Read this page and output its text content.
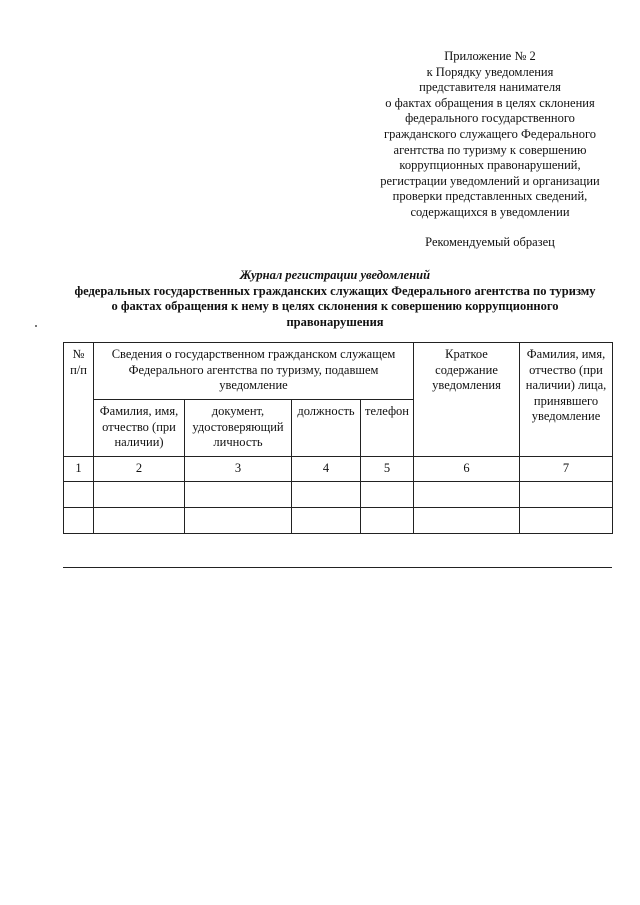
Приложение № 2
к Порядку уведомления
представителя нанимателя
о фактах обращения в целях склонения
федерального государственного
гражданского служащего Федерального
агентства по туризму к совершению
коррупционных правонарушений,
регистрации уведомлений и организации
проверки представленных сведений,
содержащихся в уведомлении
Рекомендуемый образец
Журнал регистрации уведомлений
федеральных государственных гражданских служащих Федерального агентства по туризму
о фактах обращения к нему в целях склонения к совершению коррупционного
правонарушения
№ п/п	Сведения о государственном гражданском служащем Федерального агентства по туризму, подавшем уведомление				Краткое содержание уведомления	Фамилия, имя, отчество (при наличии) лица, принявшего уведомление
	Фамилия, имя, отчество (при наличии)	документ, удостоверяющий личность	должность	телефон		
1	2	3	4	5	6	7
